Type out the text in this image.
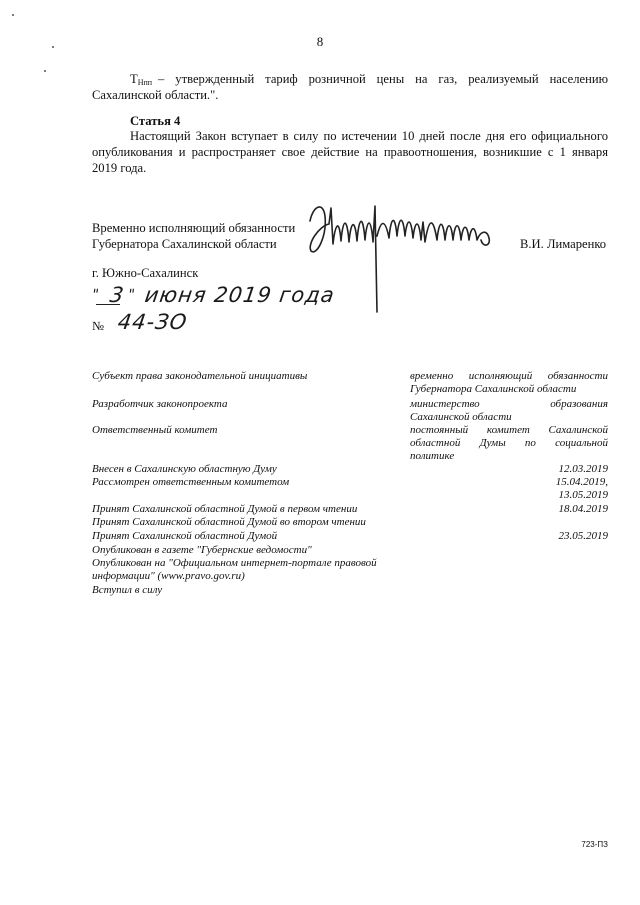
8
$Т_{Нпп}$ – утвержденный тариф розничной цены на газ, реализуемый населению
Сахалинской области.".
Статья 4
Настоящий Закон вступает в силу по истечении 10 дней после дня его официального
опубликования и распространяет свое действие на правоотношения, возникшие с 1 января
2019 года.
Временно исполняющий обязанности
Губернатора Сахалинской области	В.И. Лимаренко
г. Южно-Сахалинск
" 3 " июня 2019 года
№ 44-ЗО
Субъект права законодательной инициативы	временно исполняющий обязанности
Губернатора Сахалинской области
Разработчик законопроекта	министерство образования
Сахалинской области
Ответственный комитет	постоянный комитет Сахалинской
областной Думы по социальной
политике
Внесен в Сахалинскую областную Думу	12.03.2019
Рассмотрен ответственным комитетом	15.04.2019,
13.05.2019
Принят Сахалинской областной Думой в первом чтении	18.04.2019
Принят Сахалинской областной Думой во втором чтении
Принят Сахалинской областной Думой	23.05.2019
Опубликован в газете "Губернские ведомости"
Опубликован на "Официальном интернет-портале правовой
информации" (www.pravo.gov.ru)
Вступил в силу
723-ПЗ
